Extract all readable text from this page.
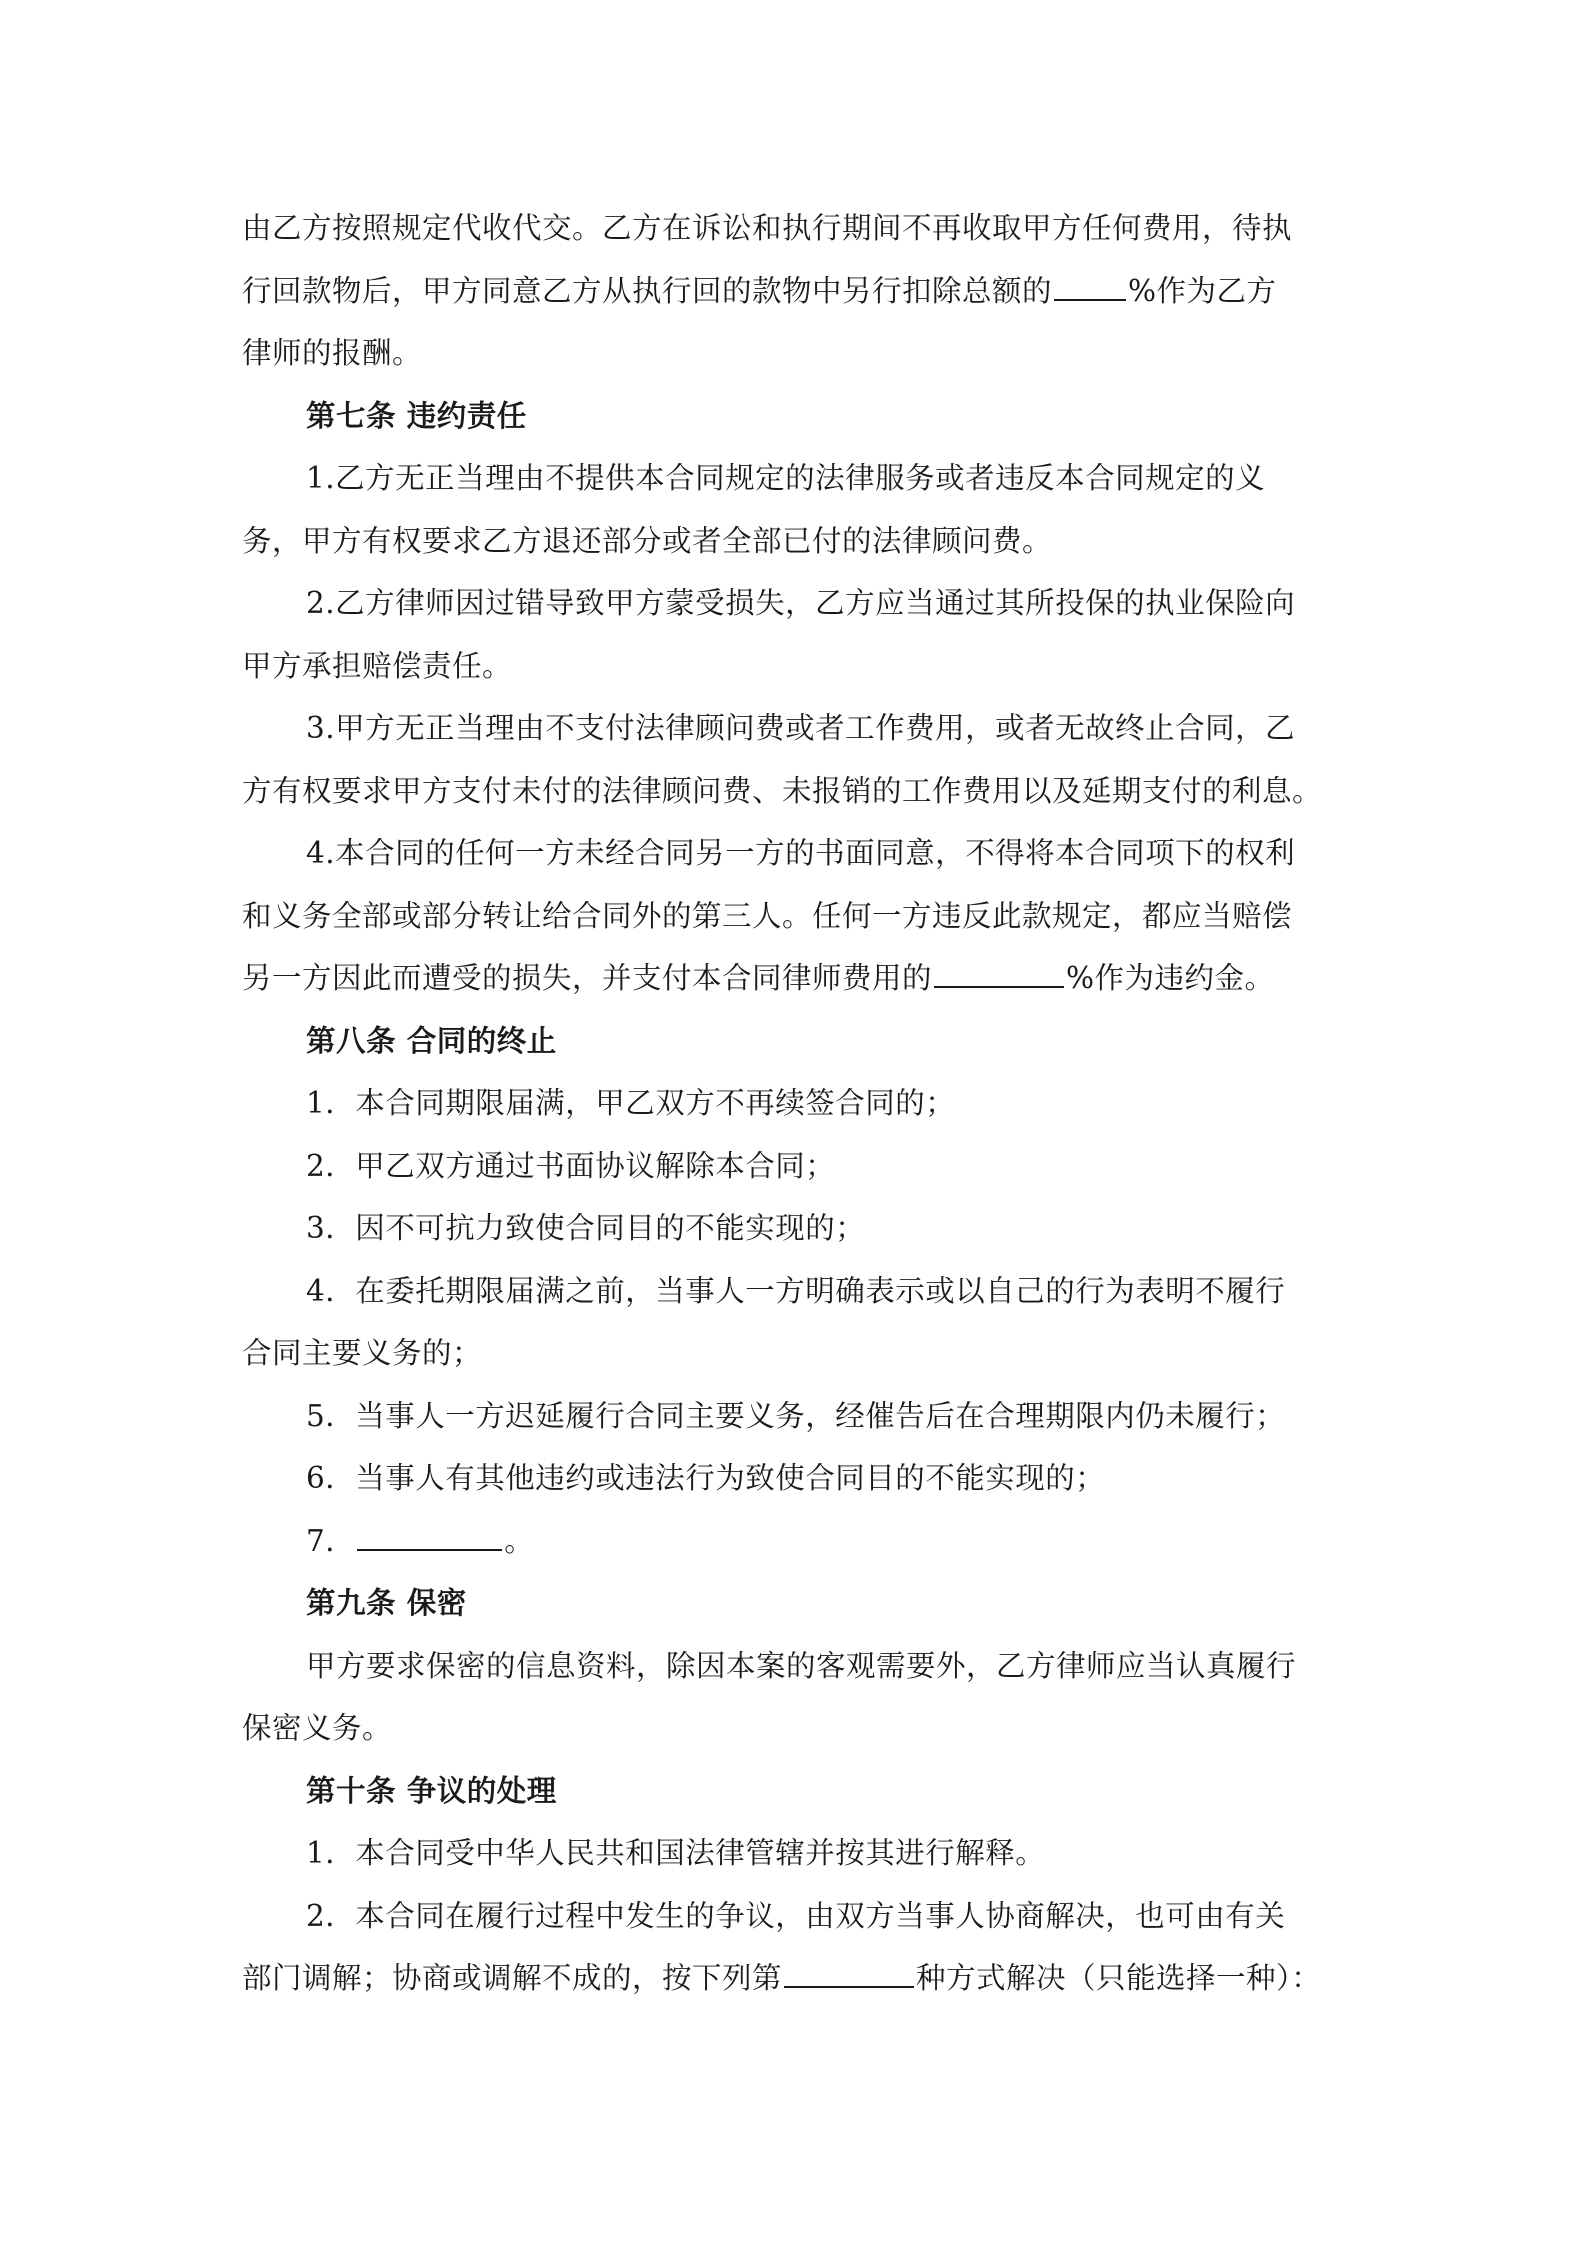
由乙方按照规定代收代交。乙方在诉讼和执行期间不再收取甲方任何费用，待执
行回款物后，甲方同意乙方从执行回的款物中另行扣除总额的	%作为乙方
律师的报酬。
第七条 违约责任
1.乙方无正当理由不提供本合同规定的法律服务或者违反本合同规定的义
务，甲方有权要求乙方退还部分或者全部已付的法律顾问费。
2.乙方律师因过错导致甲方蒙受损失，乙方应当通过其所投保的执业保险向
甲方承担赔偿责任。
3.甲方无正当理由不支付法律顾问费或者工作费用，或者无故终止合同，乙
方有权要求甲方支付未付的法律顾问费、未报销的工作费用以及延期支付的利息。
4.本合同的任何一方未经合同另一方的书面同意，不得将本合同项下的权利
和义务全部或部分转让给合同外的第三人。任何一方违反此款规定，都应当赔偿
另一方因此而遭受的损失，并支付本合同律师费用的	%作为违约金。
第八条 合同的终止
1．本合同期限届满，甲乙双方不再续签合同的；
2．甲乙双方通过书面协议解除本合同；
3．因不可抗力致使合同目的不能实现的；
4．在委托期限届满之前，当事人一方明确表示或以自己的行为表明不履行
合同主要义务的；
5．当事人一方迟延履行合同主要义务，经催告后在合理期限内仍未履行；
6．当事人有其他违约或违法行为致使合同目的不能实现的；
7．	。
第九条 保密
甲方要求保密的信息资料，除因本案的客观需要外，乙方律师应当认真履行
保密义务。
第十条 争议的处理
1．本合同受中华人民共和国法律管辖并按其进行解释。
2．本合同在履行过程中发生的争议，由双方当事人协商解决，也可由有关
部门调解；协商或调解不成的，按下列第	种方式解决（只能选择一种）：
